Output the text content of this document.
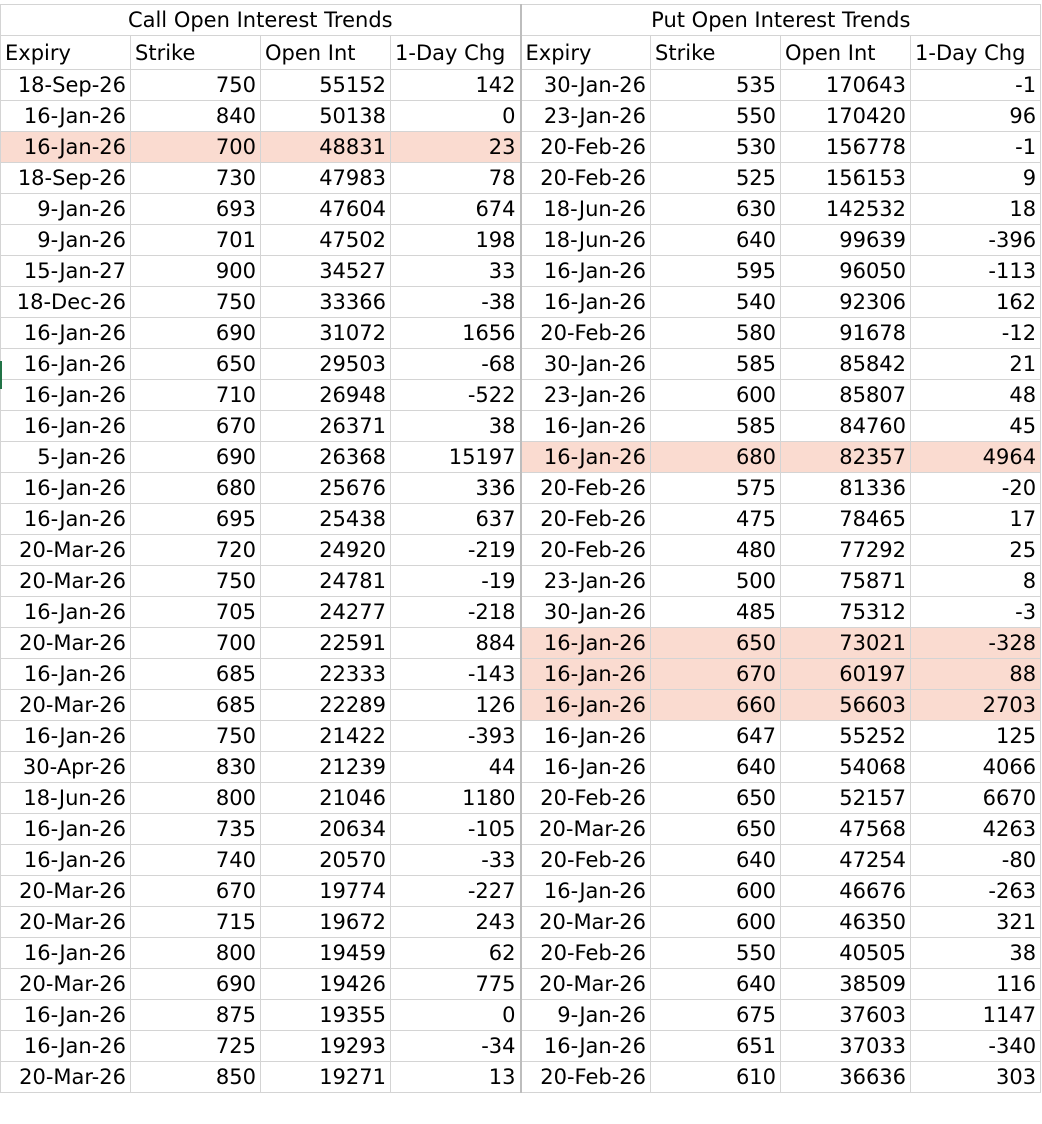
Call Open Interest Trends				Put Open Interest Trends			
Expiry	Strike	Open Int	1-Day Chg	Expiry	Strike	Open Int	1-Day Chg
18-Sep-26	750	55152	142	30-Jan-26	535	170643	-1
16-Jan-26	840	50138	0	23-Jan-26	550	170420	96
16-Jan-26	700	48831	23	20-Feb-26	530	156778	-1
18-Sep-26	730	47983	78	20-Feb-26	525	156153	9
9-Jan-26	693	47604	674	18-Jun-26	630	142532	18
9-Jan-26	701	47502	198	18-Jun-26	640	99639	-396
15-Jan-27	900	34527	33	16-Jan-26	595	96050	-113
18-Dec-26	750	33366	-38	16-Jan-26	540	92306	162
16-Jan-26	690	31072	1656	20-Feb-26	580	91678	-12
16-Jan-26	650	29503	-68	30-Jan-26	585	85842	21
16-Jan-26	710	26948	-522	23-Jan-26	600	85807	48
16-Jan-26	670	26371	38	16-Jan-26	585	84760	45
5-Jan-26	690	26368	15197	16-Jan-26	680	82357	4964
16-Jan-26	680	25676	336	20-Feb-26	575	81336	-20
16-Jan-26	695	25438	637	20-Feb-26	475	78465	17
20-Mar-26	720	24920	-219	20-Feb-26	480	77292	25
20-Mar-26	750	24781	-19	23-Jan-26	500	75871	8
16-Jan-26	705	24277	-218	30-Jan-26	485	75312	-3
20-Mar-26	700	22591	884	16-Jan-26	650	73021	-328
16-Jan-26	685	22333	-143	16-Jan-26	670	60197	88
20-Mar-26	685	22289	126	16-Jan-26	660	56603	2703
16-Jan-26	750	21422	-393	16-Jan-26	647	55252	125
30-Apr-26	830	21239	44	16-Jan-26	640	54068	4066
18-Jun-26	800	21046	1180	20-Feb-26	650	52157	6670
16-Jan-26	735	20634	-105	20-Mar-26	650	47568	4263
16-Jan-26	740	20570	-33	20-Feb-26	640	47254	-80
20-Mar-26	670	19774	-227	16-Jan-26	600	46676	-263
20-Mar-26	715	19672	243	20-Mar-26	600	46350	321
16-Jan-26	800	19459	62	20-Feb-26	550	40505	38
20-Mar-26	690	19426	775	20-Mar-26	640	38509	116
16-Jan-26	875	19355	0	9-Jan-26	675	37603	1147
16-Jan-26	725	19293	-34	16-Jan-26	651	37033	-340
20-Mar-26	850	19271	13	20-Feb-26	610	36636	303
